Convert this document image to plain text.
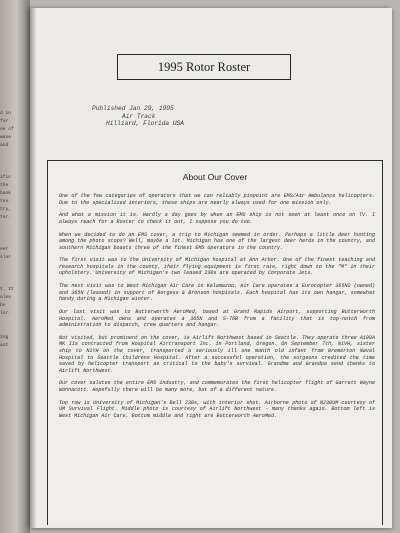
d in
for
se of
wase
and

ific
the
bank
tes.
try,
ter.

eer
slar

t. It
ales
be
lor.

ing
ant
1995 Rotor Roster
Published Jan 29, 1995
Air Track
Hilliard, Florida USA
About Our Cover

One of the few categories of operators that we can reliably pinpoint are EMS/Air Ambulance helicopters. Due to the specialized interiors, these ships are nearly always used for one mission only.

And what a mission it is. Hardly a day goes by when an EMS ship is not seen at least once on TV. I always reach for a Roster to check it out, I suppose you do too.

When we decided to do an EMS cover, a trip to Michigan seemed in order. Perhaps a little deer hunting among the photo stops? Well, maybe a lot. Michigan has one of the largest deer herds in the country, and southern Michigan boasts three of the finest EMS operators in the country.

The first visit was to the University of Michigan hospital at Ann Arbor. One of the finest teaching and research hospitals in the county, their flying equipment is first rate, right down to the "M" in their upholstery. University of Michigan's two leased 230s are operated by Corporate Jets.

The next visit was to West Michigan Air Care in Kalamazoo. Air Care operates a Eurocopter 365N2 (owned) and 365N (leased) in support of Borgess & Bronson hospitals. Each hospital has its own hangar, somewhat handy during a Michigan winter.

Our last visit was to Butterworth AeroMed, based at Grand Rapids Airport, supporting Butterworth Hospital. AeroMed owns and operates a 365N and S-76B from a facility that is top-notch from administration to dispatch, crew quarters and hangar.

Not visited, but prominent on the cover, is Airlift Northwest based in Seattle. They operate three A109A MK IIs contracted from Hospital Airtransport Inc. in Portland, Oregon. On September 7th, N1VH, sister ship to N1YH on the cover, transported a seriously ill one month old infant from Bremerton Naval Hospital to Seattle Childrens Hospital. After a successful operation, the surgeons credited the time saved by helicopter transport as critical to the baby's survival. Grandma and Grandpa send thanks to Airlift Northwest.

Our cover salutes the entire EMS industry, and commemorates the first helicopter flight of Garrett Wayne Wonnacott. Hopefully there will be many more, but of a different nature.

Top row is University of Michigan's Bell 230s, with interior shot. Airborne photo of N230UM courtesy of UM Survival Flight. Middle photo is courtesy of Airlift Northwest - many thanks again. Bottom left is West Michigan Air Care. Bottom middle and right are Butterworth AeroMed.
